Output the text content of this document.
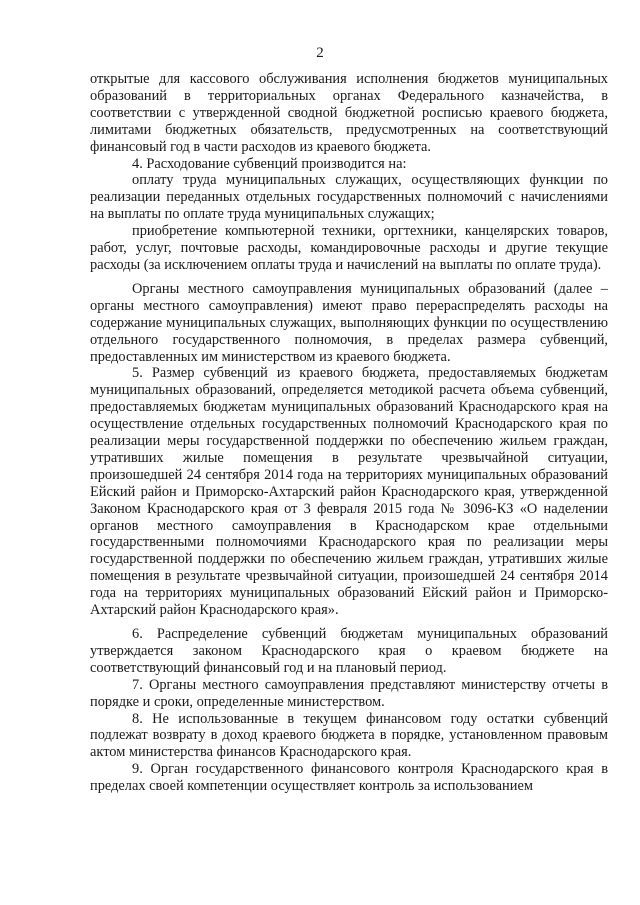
2

открытые для кассового обслуживания исполнения бюджетов муниципальных образований в территориальных органах Федерального казначейства, в соответствии с утвержденной сводной бюджетной росписью краевого бюджета, лимитами бюджетных обязательств, предусмотренных на соответствующий финансовый год в части расходов из краевого бюджета.

4. Расходование субвенций производится на:

оплату труда муниципальных служащих, осуществляющих функции по реализации переданных отдельных государственных полномочий с начислениями на выплаты по оплате труда муниципальных служащих;

приобретение компьютерной техники, оргтехники, канцелярских товаров, работ, услуг, почтовые расходы, командировочные расходы и другие текущие расходы (за исключением оплаты труда и начислений на выплаты по оплате труда).

Органы местного самоуправления муниципальных образований (далее – органы местного самоуправления) имеют право перераспределять расходы на содержание муниципальных служащих, выполняющих функции по осуществлению отдельного государственного полномочия, в пределах размера субвенций, предоставленных им министерством из краевого бюджета.

5. Размер субвенций из краевого бюджета, предоставляемых бюджетам муниципальных образований, определяется методикой расчета объема субвенций, предоставляемых бюджетам муниципальных образований Краснодарского края на осуществление отдельных государственных полномочий Краснодарского края по реализации меры государственной поддержки по обеспечению жильем граждан, утративших жилые помещения в результате чрезвычайной ситуации, произошедшей 24 сентября 2014 года на территориях муниципальных образований Ейский район и Приморско-Ахтарский район Краснодарского края, утвержденной Законом Краснодарского края от 3 февраля 2015 года № 3096-КЗ «О наделении органов местного самоуправления в Краснодарском крае отдельными государственными полномочиями Краснодарского края по реализации меры государственной поддержки по обеспечению жильем граждан, утративших жилые помещения в результате чрезвычайной ситуации, произошедшей 24 сентября 2014 года на территориях муниципальных образований Ейский район и Приморско-Ахтарский район Краснодарского края».

6. Распределение субвенций бюджетам муниципальных образований утверждается законом Краснодарского края о краевом бюджете на соответствующий финансовый год и на плановый период.

7. Органы местного самоуправления представляют министерству отчеты в порядке и сроки, определенные министерством.

8. Не использованные в текущем финансовом году остатки субвенций подлежат возврату в доход краевого бюджета в порядке, установленном правовым актом министерства финансов Краснодарского края.

9. Орган государственного финансового контроля Краснодарского края в пределах своей компетенции осуществляет контроль за использованием
